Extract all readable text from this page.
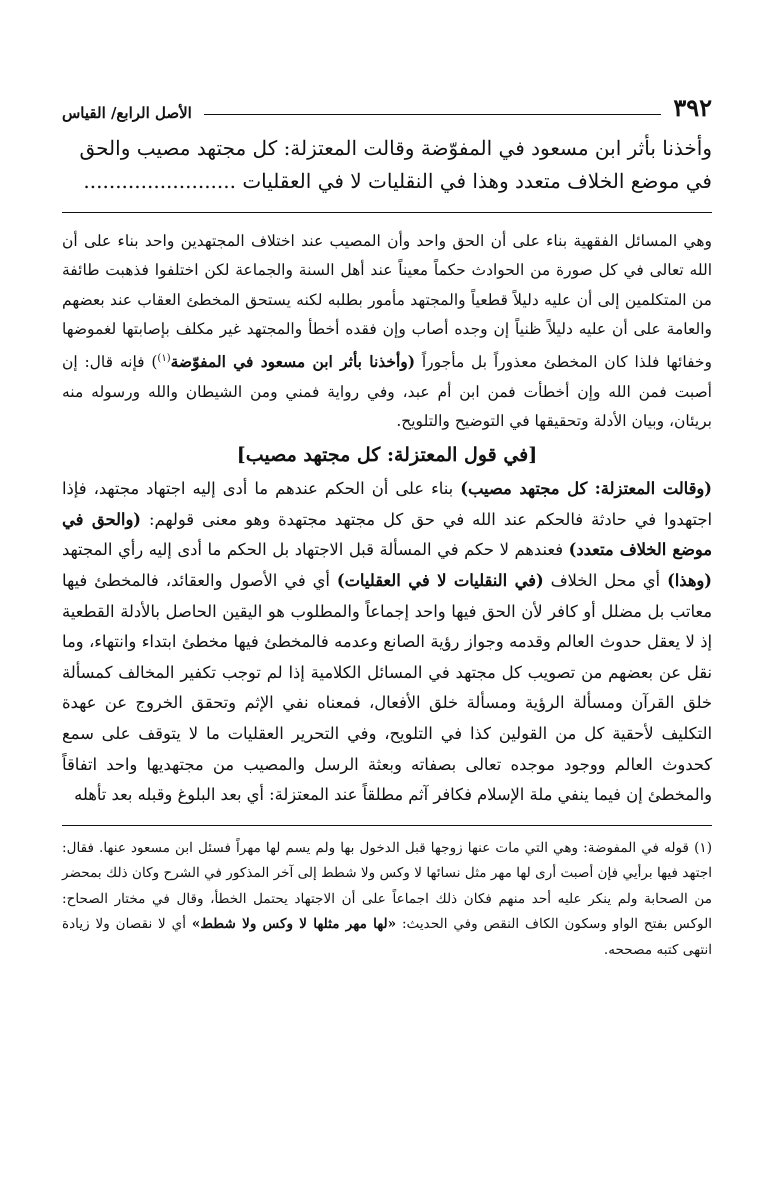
٣٩٢
الأصل الرابع/ القياس

وأخذنا بأثر ابن مسعود في المفوّضة وقالت المعتزلة: كل مجتهد مصيب والحق

في موضع الخلاف متعدد وهذا في النقليات لا في العقليات ........................

وهي المسائل الفقهية بناء على أن الحق واحد وأن المصيب عند اختلاف المجتهدين واحد بناء على أن الله تعالى في كل صورة من الحوادث حكماً معيناً عند أهل السنة والجماعة لكن اختلفوا فذهبت طائفة من المتكلمين إلى أن عليه دليلاً قطعياً والمجتهد مأمور بطلبه لكنه يستحق المخطئ العقاب عند بعضهم والعامة على أن عليه دليلاً ظنياً إن وجده أصاب وإن فقده أخطأ والمجتهد غير مكلف بإصابتها لغموضها وخفائها فلذا كان المخطئ معذوراً بل مأجوراً (وأخذنا بأثر ابن مسعود في المفوّضة$^{(١)}$) فإنه قال: إن أصبت فمن الله وإن أخطأت فمن ابن أم عبد، وفي رواية فمني ومن الشيطان والله ورسوله منه بريئان، وبيان الأدلة وتحقيقها في التوضيح والتلويح.

[في قول المعتزلة: كل مجتهد مصيب]

(وقالت المعتزلة: كل مجتهد مصيب) بناء على أن الحكم عندهم ما أدى إليه اجتهاد مجتهد، فإذا اجتهدوا في حادثة فالحكم عند الله في حق كل مجتهد مجتهدة وهو معنى قولهم: (والحق في موضع الخلاف متعدد) فعندهم لا حكم في المسألة قبل الاجتهاد بل الحكم ما أدى إليه رأي المجتهد (وهذا) أي محل الخلاف (في النقليات لا في العقليات) أي في الأصول والعقائد، فالمخطئ فيها معاتب بل مضلل أو كافر لأن الحق فيها واحد إجماعاً والمطلوب هو اليقين الحاصل بالأدلة القطعية إذ لا يعقل حدوث العالم وقدمه وجواز رؤية الصانع وعدمه فالمخطئ فيها مخطئ ابتداء وانتهاء، وما نقل عن بعضهم من تصويب كل مجتهد في المسائل الكلامية إذا لم توجب تكفير المخالف كمسألة خلق القرآن ومسألة الرؤية ومسألة خلق الأفعال، فمعناه نفي الإثم وتحقق الخروج عن عهدة التكليف لأحقية كل من القولين كذا في التلويح، وفي التحرير العقليات ما لا يتوقف على سمع كحدوث العالم ووجود موجده تعالى بصفاته وبعثة الرسل والمصيب من مجتهديها واحد اتفاقاً والمخطئ إن فيما ينفي ملة الإسلام فكافر آثم مطلقاً عند المعتزلة: أي بعد البلوغ وقبله بعد تأهله

(١) قوله في المفوضة: وهي التي مات عنها زوجها قبل الدخول بها ولم يسم لها مهراً فسئل ابن مسعود عنها. فقال: اجتهد فيها برأيي فإن أصبت أرى لها مهر مثل نسائها لا وكس ولا شطط إلى آخر المذكور في الشرح وكان ذلك بمحضر من الصحابة ولم ينكر عليه أحد منهم فكان ذلك اجماعاً على أن الاجتهاد يحتمل الخطأ، وقال في مختار الصحاح: الوكس بفتح الواو وسكون الكاف النقص وفي الحديث: «لها مهر مثلها لا وكس ولا شطط» أي لا نقصان ولا زيادة انتهى كتبه مصححه.
